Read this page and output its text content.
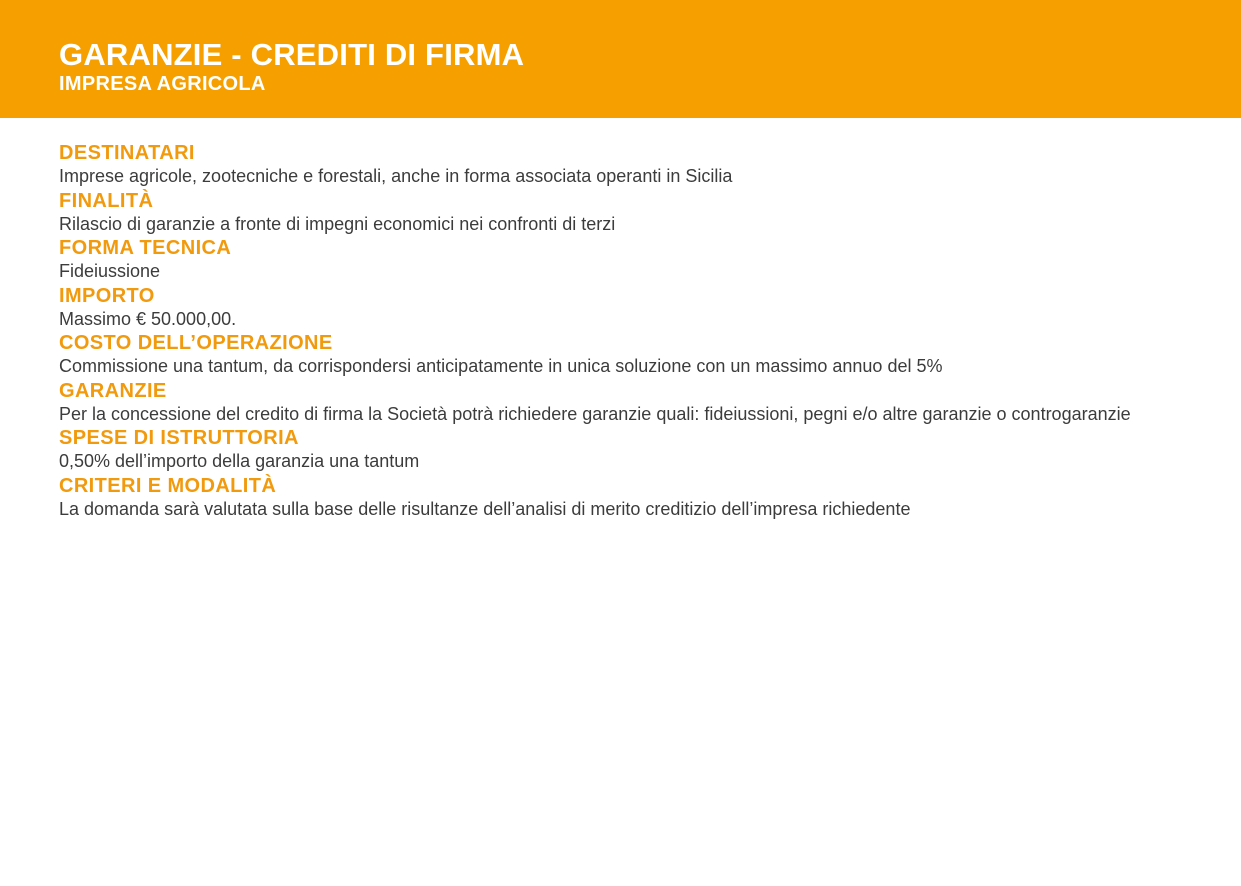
GARANZIE - CREDITI DI FIRMA
IMPRESA AGRICOLA
DESTINATARI

Imprese agricole, zootecniche e forestali, anche in forma associata operanti in Sicilia

FINALITÀ

Rilascio di garanzie a fronte di impegni economici nei confronti di terzi

FORMA TECNICA

Fideiussione

IMPORTO

Massimo € 50.000,00.

COSTO DELL’OPERAZIONE

Commissione una tantum, da corrispondersi anticipatamente in unica soluzione con un massimo annuo del 5%

GARANZIE

Per la concessione del credito di firma la Società potrà richiedere garanzie quali: fideiussioni, pegni e/o altre garanzie o controgaranzie

SPESE DI ISTRUTTORIA

0,50% dell’importo della garanzia una tantum

CRITERI E MODALITÀ

La domanda sarà valutata sulla base delle risultanze dell’analisi di merito creditizio dell’impresa richiedente
